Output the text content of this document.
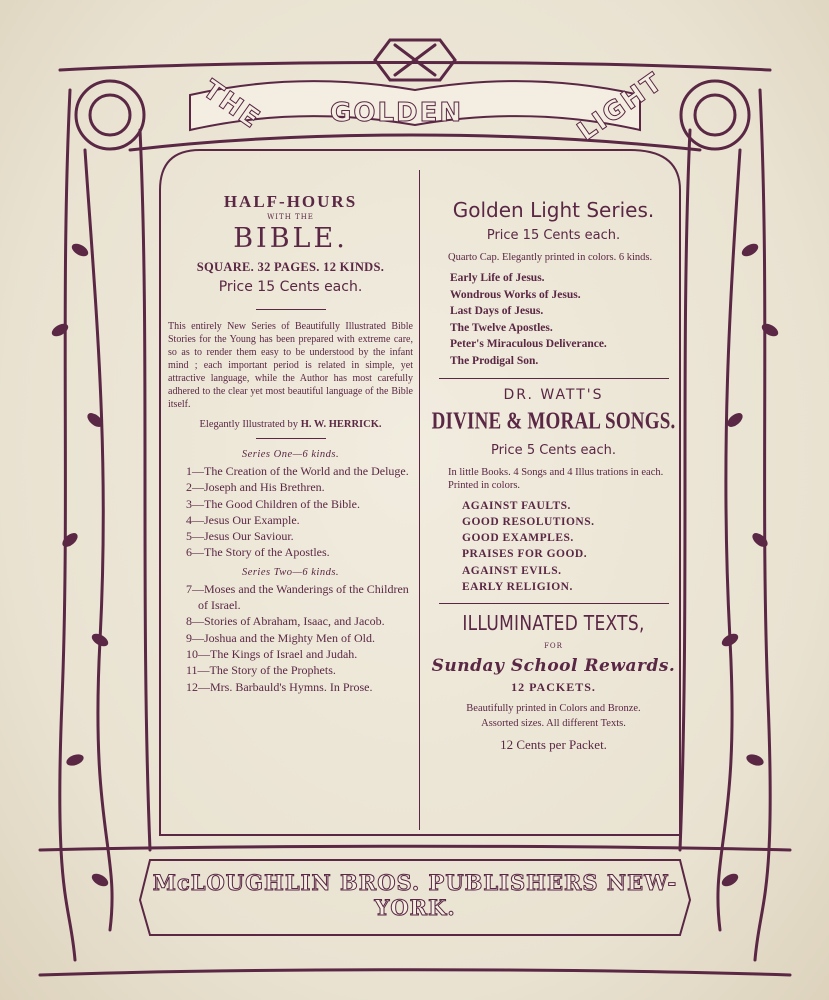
THE GOLDEN	LIGHT
HALF-HOURS
WITH THE
BIBLE.
SQUARE. 32 PAGES. 12 KINDS.
Price 15 Cents each.

This entirely New Series of Beautifully Illustrated Bible Stories for the Young has been prepared with extreme care, so as to render them easy to be understood by the infant mind ; each important period is related in simple, yet attractive language, while the Author has most carefully adhered to the clear yet most beautiful language of the Bible itself.

Elegantly Illustrated by H. W. HERRICK.
Series One—6 kinds.
1—The Creation of the World and the Deluge.
2—Joseph and His Brethren.
3—The Good Children of the Bible.
4—Jesus Our Example.
5—Jesus Our Saviour.
6—The Story of the Apostles.
Series Two—6 kinds.
7—Moses and the Wanderings of the Children of Israel.
8—Stories of Abraham, Isaac, and Jacob.
9—Joshua and the Mighty Men of Old.
10—The Kings of Israel and Judah.
11—The Story of the Prophets.
12—Mrs. Barbauld's Hymns. In Prose.
Golden Light Series.
Price 15 Cents each.

Quarto Cap. Elegantly printed in colors. 6 kinds.

Early Life of Jesus.
Wondrous Works of Jesus.
Last Days of Jesus.
The Twelve Apostles.
Peter's Miraculous Deliverance.
The Prodigal Son.
DR. WATT'S
DIVINE & MORAL SONGS.
Price 5 Cents each.

In little Books. 4 Songs and 4 Illus trations in each. Printed in colors.

AGAINST FAULTS.
GOOD RESOLUTIONS.
GOOD EXAMPLES.
PRAISES FOR GOOD.
AGAINST EVILS.
EARLY RELIGION.
ILLUMINATED TEXTS,
FOR
Sunday School Rewards.
12 PACKETS.
Beautifully printed in Colors and Bronze.
Assorted sizes. All different Texts.
12 Cents per Packet.
McLOUGHLIN BROS. PUBLISHERS NEW-YORK.
